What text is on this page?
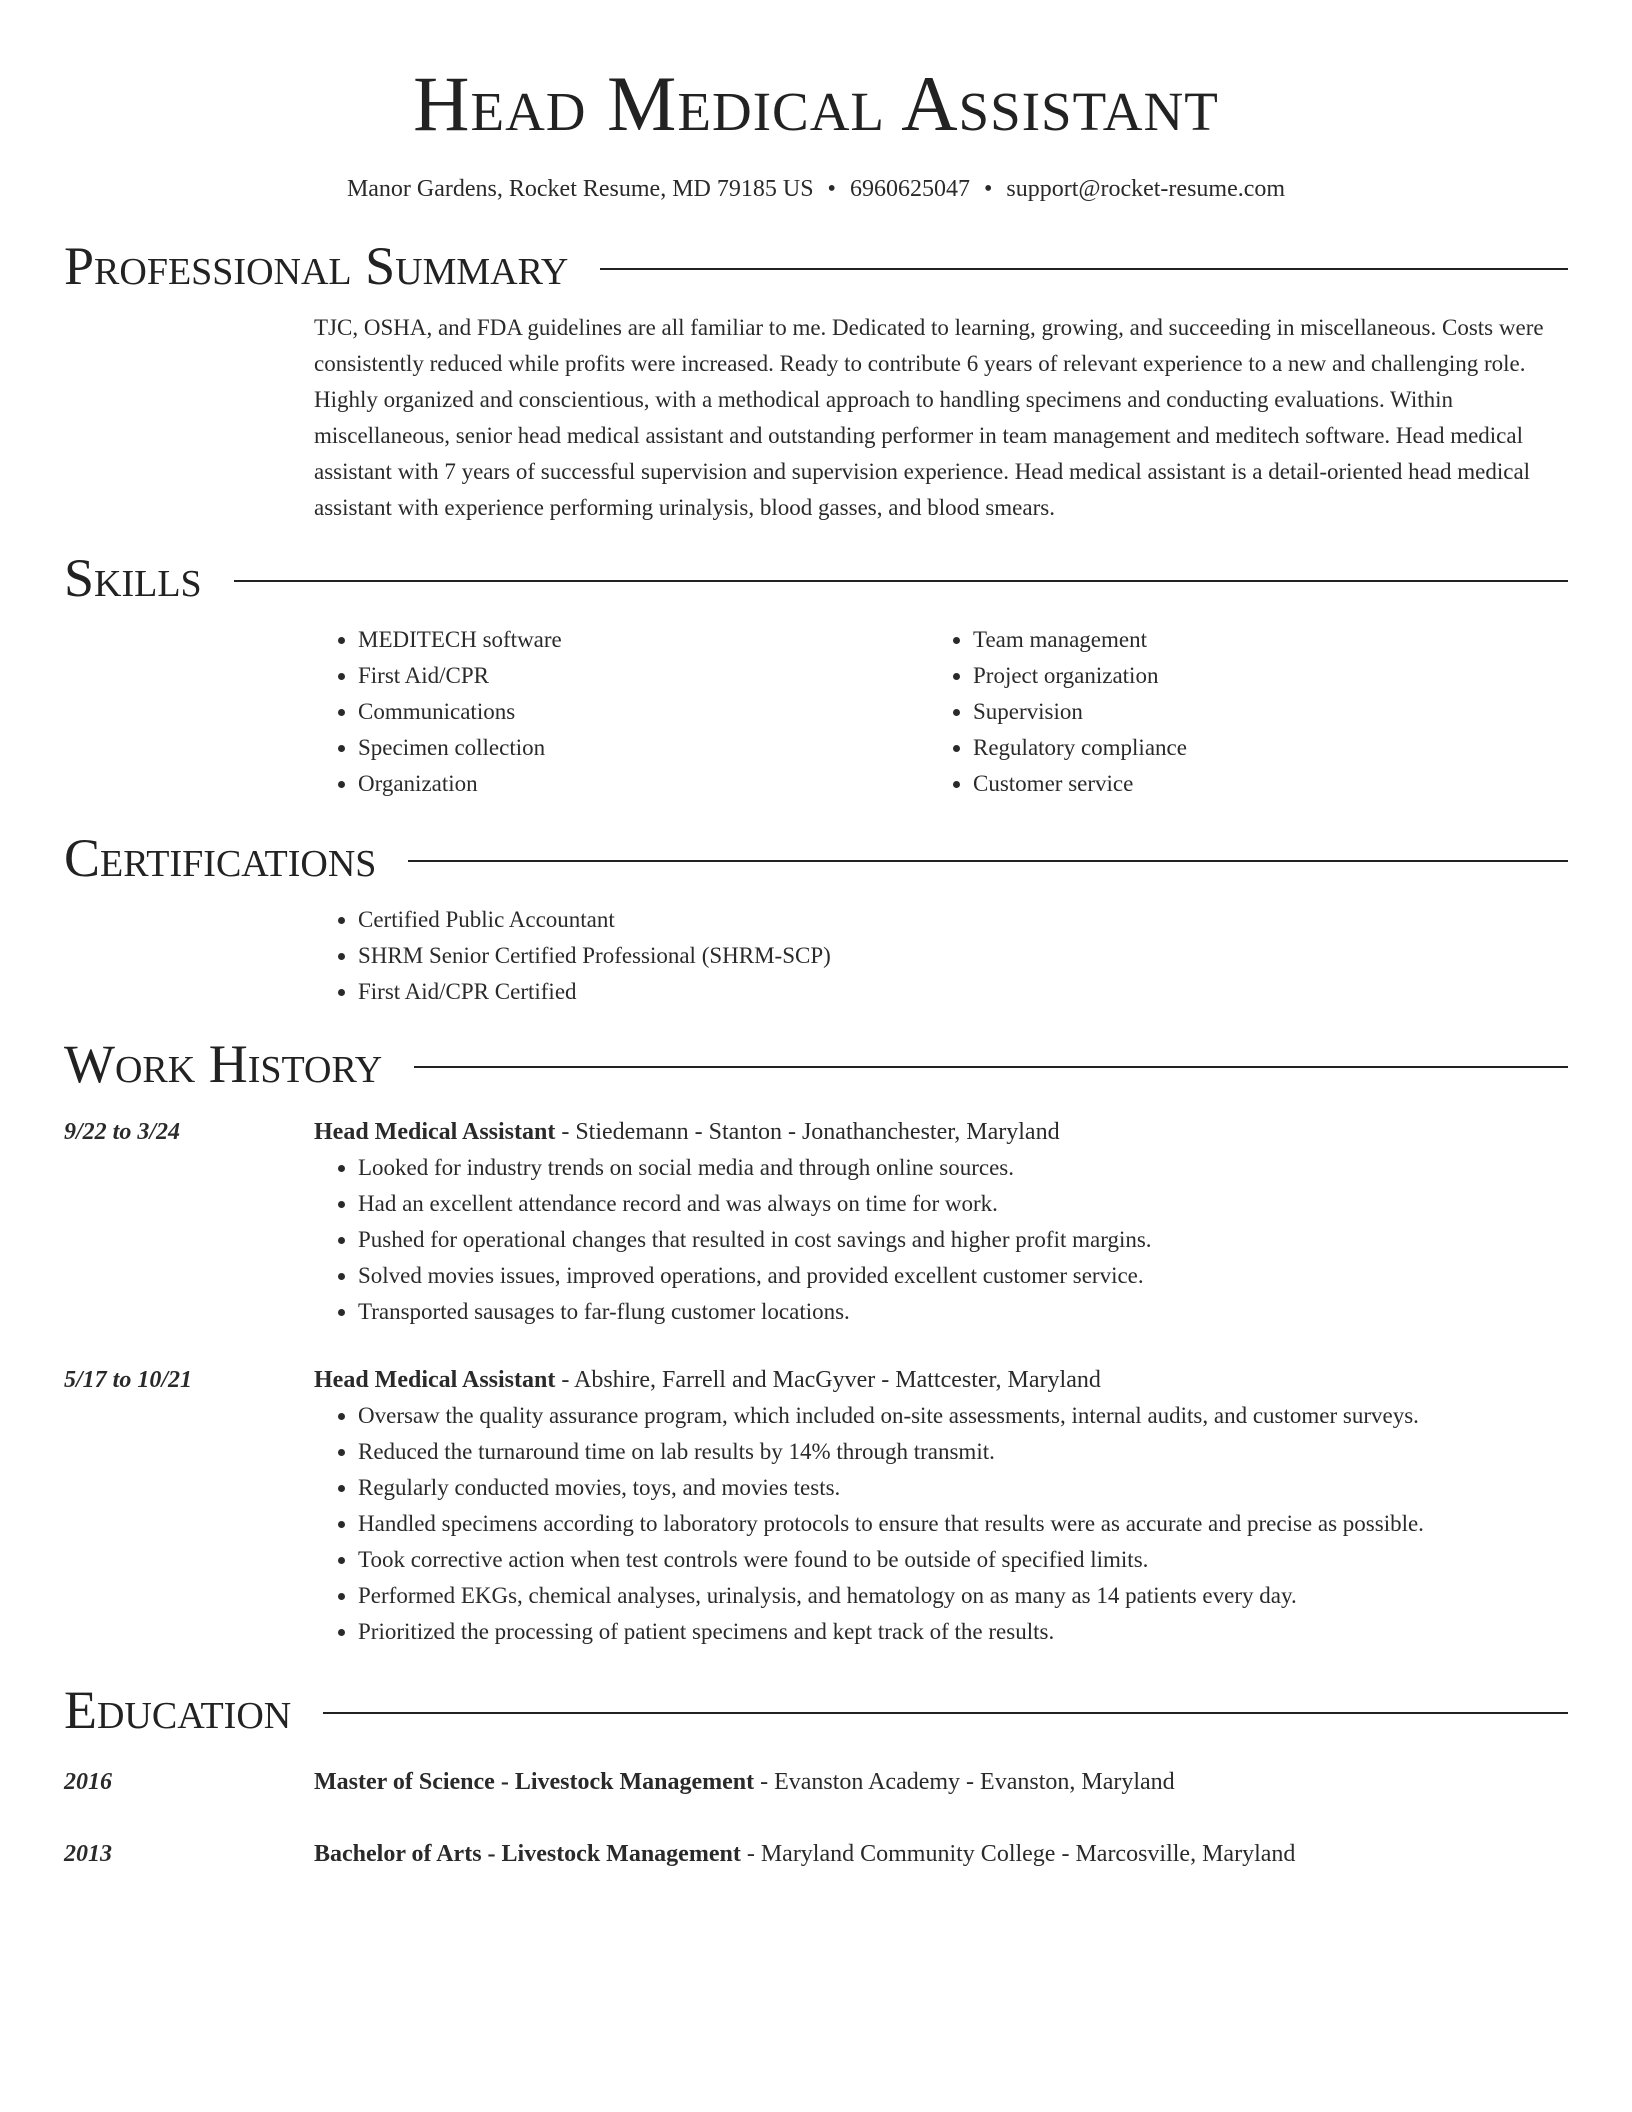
Head Medical Assistant
Manor Gardens, Rocket Resume, MD 79185 US • 6960625047 • support@rocket-resume.com
Professional Summary

TJC, OSHA, and FDA guidelines are all familiar to me. Dedicated to learning, growing, and succeeding in miscellaneous. Costs were consistently reduced while profits were increased. Ready to contribute 6 years of relevant experience to a new and challenging role. Highly organized and conscientious, with a methodical approach to handling specimens and conducting evaluations. Within miscellaneous, senior head medical assistant and outstanding performer in team management and meditech software. Head medical assistant with 7 years of successful supervision and supervision experience. Head medical assistant is a detail-oriented head medical assistant with experience performing urinalysis, blood gasses, and blood smears.

Skills
• MEDITECH software
• First Aid/CPR
• Communications
• Specimen collection
• Organization
• Team management
• Project organization
• Supervision
• Regulatory compliance
• Customer service
Certifications
• Certified Public Accountant
• SHRM Senior Certified Professional (SHRM-SCP)
• First Aid/CPR Certified
Work History
9/22 to 3/24	Head Medical Assistant - Stiedemann - Stanton - Jonathanchester, Maryland
• Looked for industry trends on social media and through online sources.
• Had an excellent attendance record and was always on time for work.
• Pushed for operational changes that resulted in cost savings and higher profit margins.
• Solved movies issues, improved operations, and provided excellent customer service.
• Transported sausages to far-flung customer locations.
5/17 to 10/21	Head Medical Assistant - Abshire, Farrell and MacGyver - Mattcester, Maryland
• Oversaw the quality assurance program, which included on-site assessments, internal audits, and customer surveys.
• Reduced the turnaround time on lab results by 14% through transmit.
• Regularly conducted movies, toys, and movies tests.
• Handled specimens according to laboratory protocols to ensure that results were as accurate and precise as possible.
• Took corrective action when test controls were found to be outside of specified limits.
• Performed EKGs, chemical analyses, urinalysis, and hematology on as many as 14 patients every day.
• Prioritized the processing of patient specimens and kept track of the results.
Education
2016	Master of Science - Livestock Management - Evanston Academy - Evanston, Maryland
2013	Bachelor of Arts - Livestock Management - Maryland Community College - Marcosville, Maryland
